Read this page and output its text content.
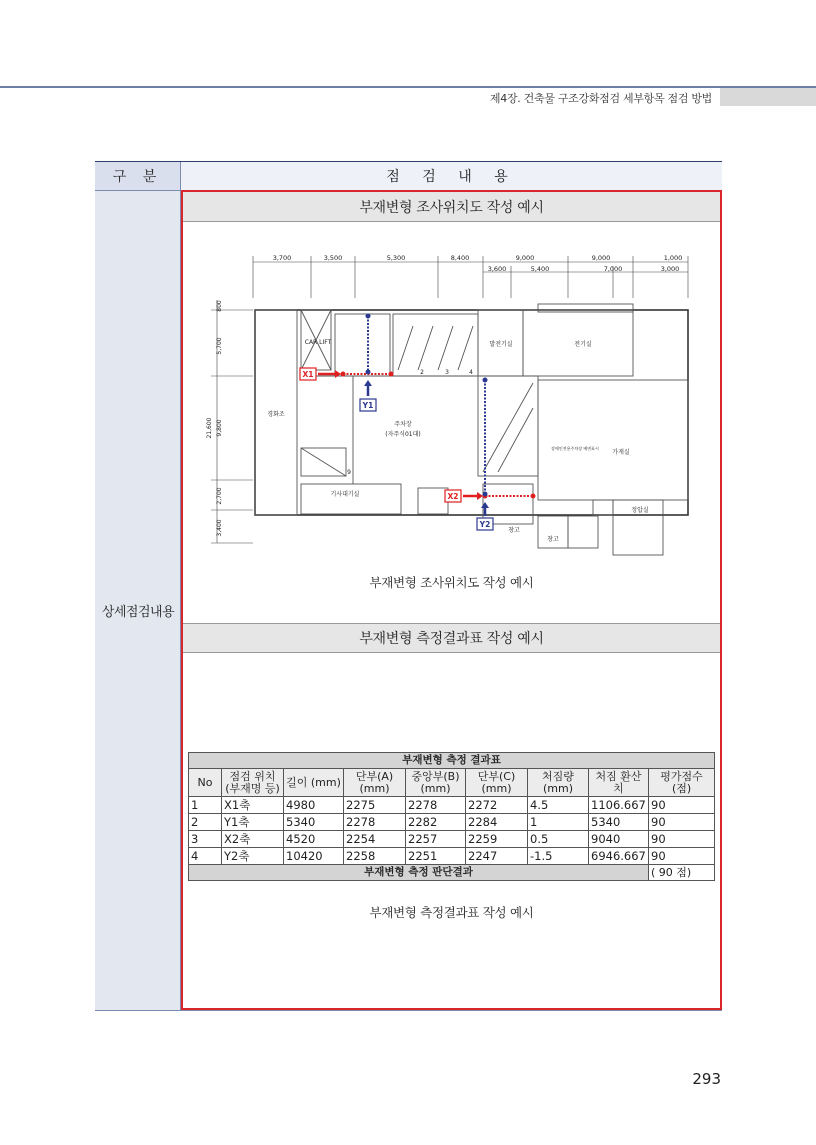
제4장. 건축물 구조강화점검 세부항목 점검 방법
구 분	점 검 내 용
상세점검내용
부재변형 조사위치도 작성 예시
부재변형 측정결과표 작성 예시
3,700	3,500	5,300	8,400	9,000	9,000	1,000
3,600	5,400	7,000	3,000
800
5,700
21,600 9,800
2,700
3,400
CAR LIFT	발전기실	전기실
경화조
주차장
(자주식01대)
가게실
장애인전용주차장 배면표시
기사대기실
창고
창고
정압실
2	3	4
9
X1
Y1
X2
Y2
부재변형 조사위치도 작성 예시
부재변형 측정 결과표								
No	점검 위치 (부재명 등)	길이 (mm)	단부(A) (mm)	중앙부(B) (mm)	단부(C) (mm)	처짐량 (mm)	처짐 환산치	평가점수 (점)
1	X1축	4980	2275	2278	2272	4.5	1106.667	90
2	Y1축	5340	2278	2282	2284	1	5340	90
3	X2축	4520	2254	2257	2259	0.5	9040	90
4	Y2축	10420	2258	2251	2247	-1.5	6946.667	90
부재변형 측정 판단결과								( 90 점)
부재변형 측정결과표 작성 예시
293
